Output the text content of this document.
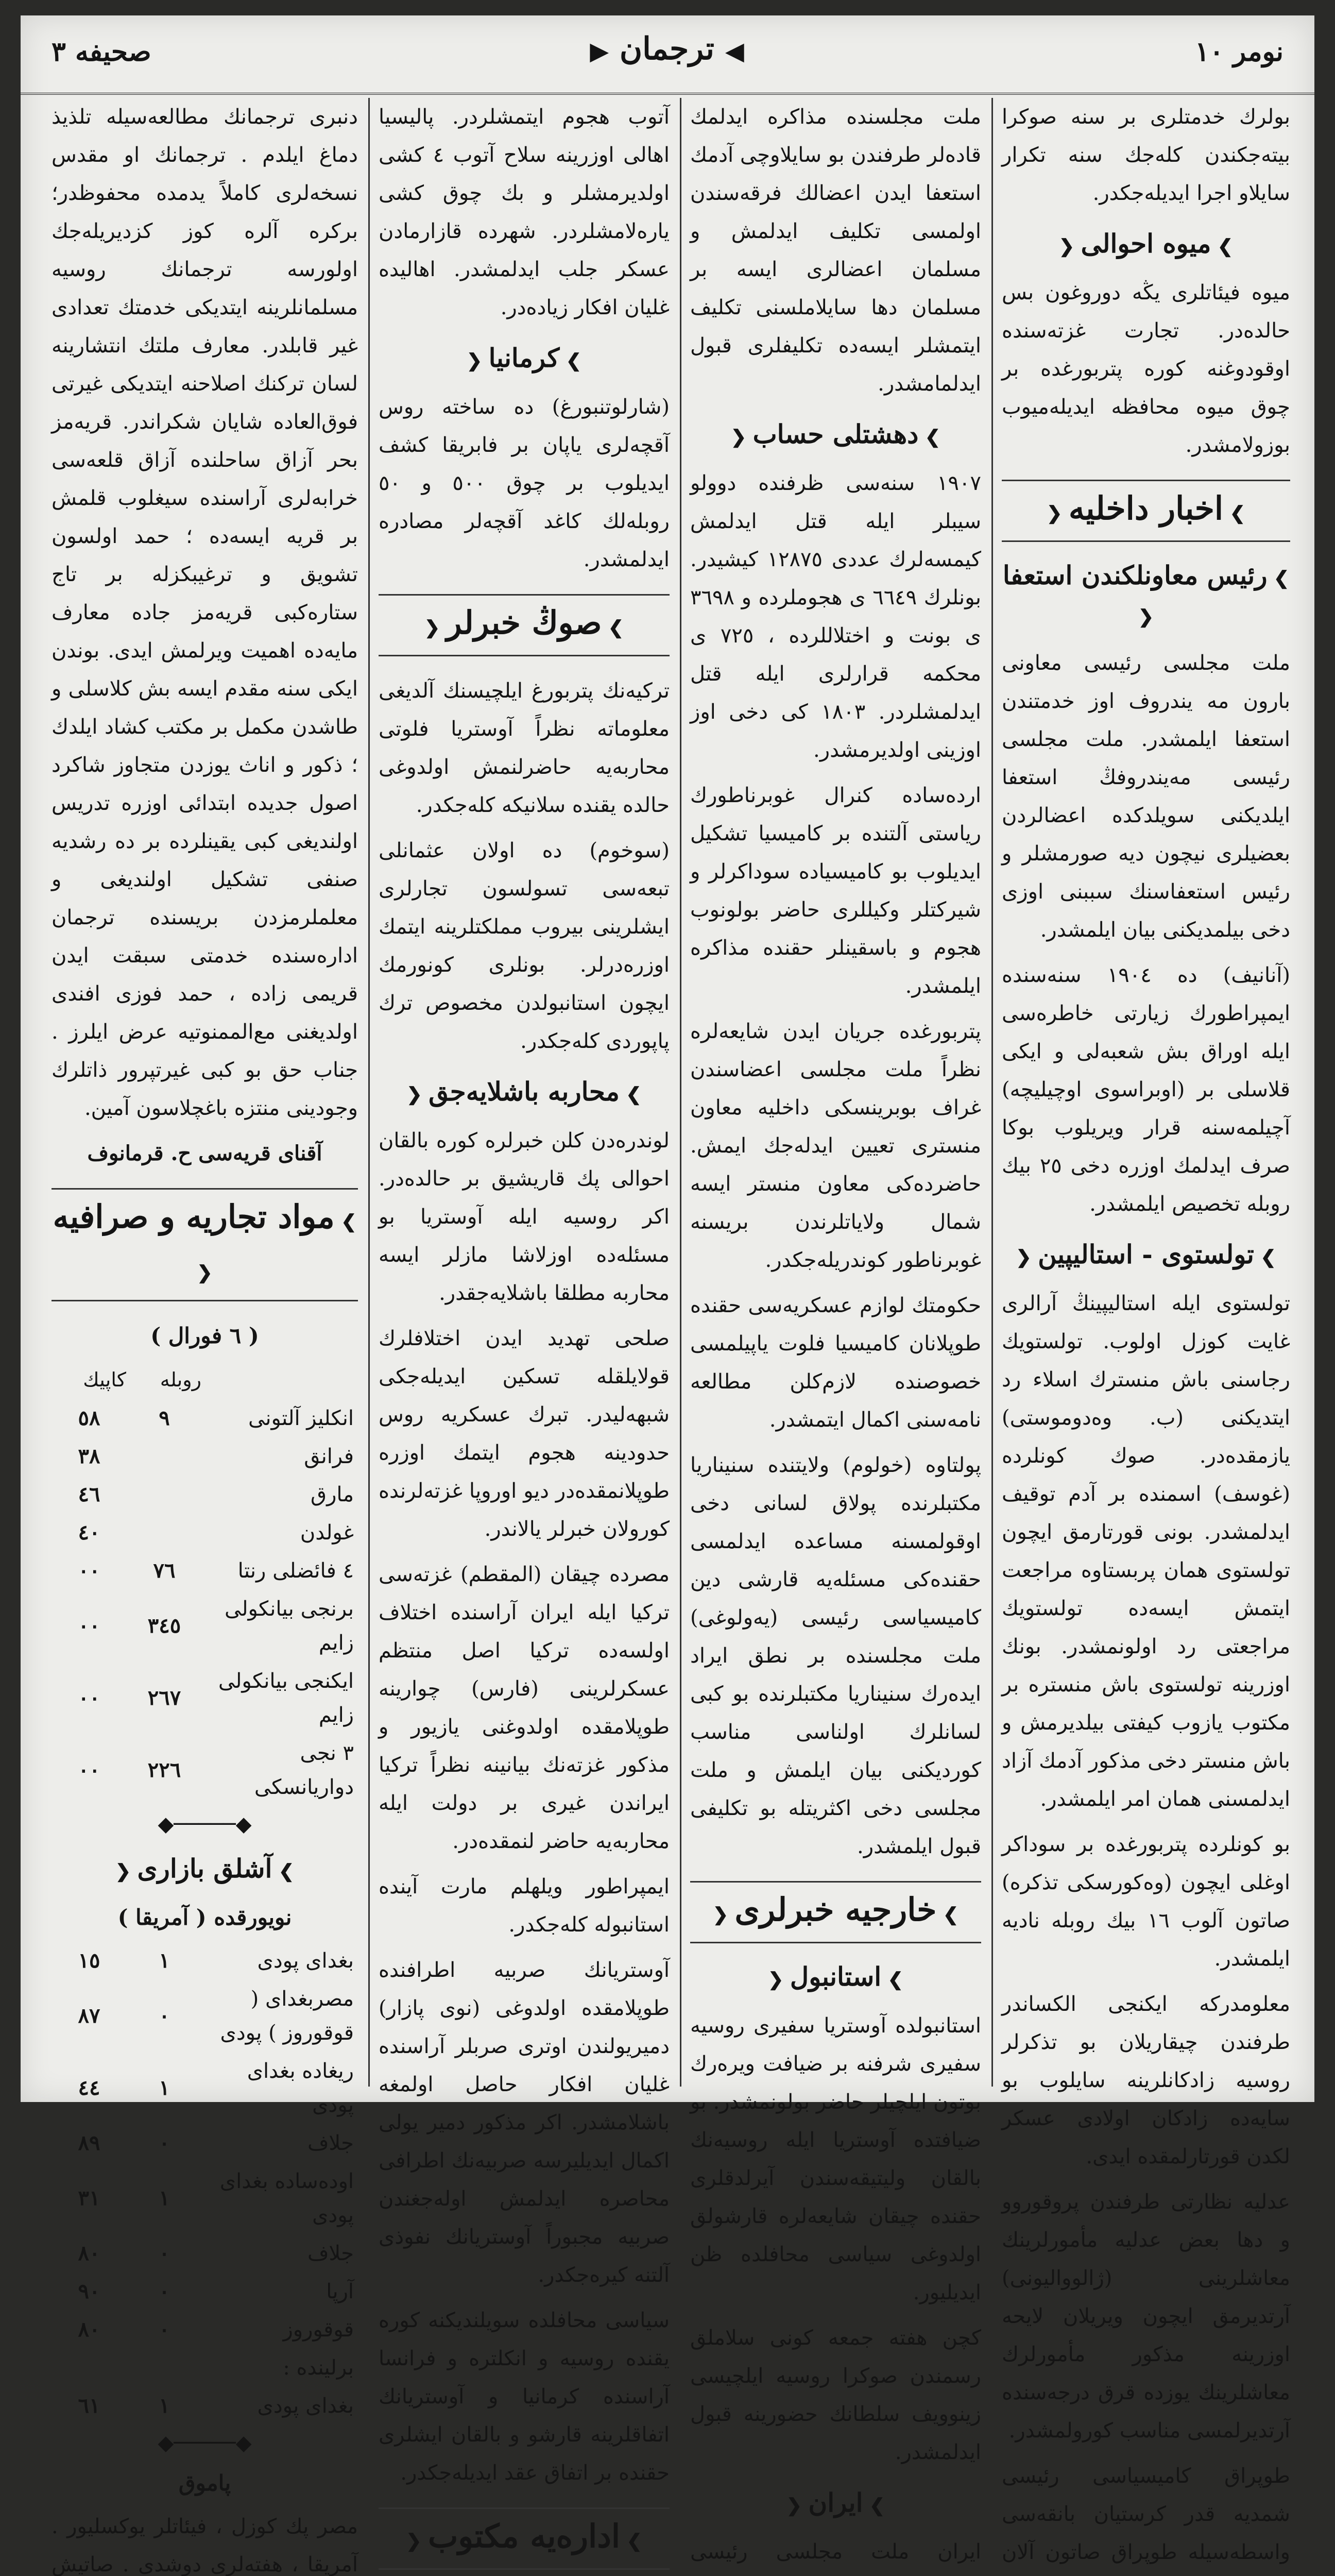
صحيفه ٣	◀ ترجمان ▶	نومر ١٠

بولرك خدمتلری بر سنه صوكرا بيتەجكندن كلەجك سنه تكرار سايلاو اجرا ايديلەجكدر.

❯ ميوه احوالی ❮

ميوه فيئاتلری يڭه دوروغون بس حالدەدر. تجارت غزتەسندە اوقودوغنە كوره پتربورغدە بر چوق ميوه محافظه ايديلەميوب بوزولامشدر.

❯ اخبار داخليه ❮
❯ رئيس معاونلكندن استعفا ❮

ملت مجلسی رئيسی معاونی بارون مه يندروف اوز خدمتندن استعفا ايلمشدر. ملت مجلسی رئيسی مەيندروفڭ استعفا ايلديكنی سويلدكده اعضالردن بعضيلری نيچون ديه صورمشلر و رئيس استعفاسنك سببنی اوزی دخی بيلمديكنی بيان ايلمشدر.

(آنانيف) ده ١٩٠٤ سنەسندە ايمپراطورك زيارتی خاطرەسی ايله اوراق بش شعبه‌لی و ايكی قلاسلی بر (اوبراسوی‌ اوچيليچه) آچيلمەسنه قرار ويريلوب بوكا صرف ايدلمك اوزره دخی ٢٥ بيك روبله تخصيص ايلمشدر.

❯ تولستوی - استاليپين ❮

تولستوی ايله استاليپينڭ آرالری غايت كوزل اولوب. تولستويك رجاسنی باش منسترك اسلاء رد ايتديكنی (ب. وەدوموستی) يازمقدەدر. صوك كونلرده (غوسف) اسمنده بر آدم توقيف ايدلمشدر. بونی قورتارمق ايچون تولستوی همان پربستاوه مراجعت ايتمش ايسەده تولستويك مراجعتی رد اولونمشدر. بونك اوزرينه تولستوی باش منستره بر مكتوب يازوب كيفتی بيلديرمش و باش منستر دخی مذكور آدمك آزاد ايدلمسنی همان امر ايلمشدر.

بو كونلرده پتربورغده بر سوداكر اوغلی ايچون (وەكورسكی تذكره) صاتون آلوب ١٦ بيك روبله ناديه ايلمشدر.

معلومدركه ايكنجی الكساندر طرفندن چيقاريلان بو تذكرلر روسيه زادكانلرينه سايلوب بو سايەده زادكان اولادی عسكر لكدن قورتارلمقده ايدی.

عدليه نظارتی طرفندن پروقوروو و دها بعض عدليه مأمورلرينك معاشلرينی (ژالوواليونی) آرتديرمق ايچون ويريلان لايحه اوزرينه مذكور مأمورلرك معاشلرينك يوزده قرق درجەسندە آرتديرلمسی مناسب كورولمشدر.

طوپراق كاميسياسی رئيسی شمديه قدر كرستيان بانقەسی واسطەسيله طوپراق صاتون آلان

ملت مجلسنده مذاكره ايدلمك قادەلر طرفندن بو سايلاوچی آدمك استعفا ايدن اعضالك فرقەسندن اولمسی تكليف ايدلمش و مسلمان اعضالری ايسه بر مسلمان دها سايلاملسنی تكليف ايتمشلر ايسەده تكليفلری قبول ايدلمامشدر.

❯ دهشتلی حساب ❮

١٩٠٧ سنەسی ظرفنده دوولو سيبلر ايله قتل ايدلمش كيمسه‌لرك عددی ١٢٨٧٥ كيشيدر. بونلرك ٦٦٤٩ ی هجوملرده و ٣٦٩٨ ی بونت و اختلاللرده ، ٧٢٥ ی محكمه قرارلری ايله قتل ايدلمشلردر. ١٨٠٣ كی دخی اوز اوزينی اولديرمشدر.

اردەساده كنرال غوبرناطورك رياستی آلتنده بر كاميسيا تشكيل ايديلوب بو كاميسياده سوداكرلر و شيركتلر وكيللری حاضر بولونوب هجوم و باسقينلر حقنده مذاكره ايلمشدر.

پتربورغده جريان ايدن شايعەلره نظراً ملت مجلسی اعضاسندن غراف بوبرينسكی داخليه معاون منسترى تعيين ايدلەجك ايمش. حاضرده‌كی معاون منستر ايسه شمال ولاياتلرندن بريسنه غوبرناطور كوندريلەجكدر.

حكومتك لوازم عسكريەسی حقنده طوپلانان كاميسيا فلوت ياپيلمسی خصوصنده لازم‌كلن مطالعه نامەسنی اكمال ايتمشدر.

پولتاوه (خولوم) ولايتنده سنيناريا مكتبلرنده پولاق لسانی دخی اوقولمسنه مساعده ايدلمسی حقنده‌كی مسئلەيه قارشی دين كاميسياسی رئيسی (يەولوغی) ملت مجلسنده بر نطق ايراد ايدەرك سنيناريا مكتبلرنده بو كبی لسانلرك اولناسی مناسب كورديكنی بيان ايلمش و ملت مجلسی دخی اكثريتله بو تكليفی قبول ايلمشدر.

❯ خارجيه خبرلری ❮
❯ استانبول ❮

استانبولده آوستريا سفيری روسيه سفيری شرفنه بر ضيافت ويرەرك بوتون ايلچيلر حاضر بولونمشدر. بو ضيافتده آوستريا ايله روسيەنك بالقان وليتيقەسندن آيرلدقلری حقنده چيقان شايعەلره قارشو‌لق اولدوغی سياسی محافلده ظن ايديليور.

كچن هفته جمعه كونی سلاملق رسمندن صوكرا روسيه ايلچيسی زينوويف سلطانك حضورينه قبول ايدلمشدر.

❯ ايران ❮

ايران ملت مجلسی رئيسی

آتوب هجوم ايتمشلردر. پاليسيا اهالی اوزرينه سلاح آتوب ٤ كشی اولديرمشلر و بك چوق كشی ياره‌لامشلردر. شهرده قازارمادن عسكر جلب ايدلمشدر. اهاليده غليان افكار زياده‌در.

❯ كرمانيا ❮

(شارلوتنبورغ) ده ساخته روس آقچه‌لری ياپان بر فابريقا كشف ايديلوب بر چوق ٥٠٠ و ٥٠ روبله‌لك كاغد آقچه‌لر مصادره ايدلمشدر.

❯ صوڭ خبرلر ❮

تركيەنك پتربورغ ايلچيسنك آلديغی معلوماته نظراً آوستريا فلوتی محاربه‌يه حاضرلنمش اولدوغی حالده يقنده سلانيكه كله‌جكدر.

(سوخوم) ده اولان عثمانلی تبعەسی تسولسون تجارلری ايشلرينی بيروب مملكتلرينه ايتمك اوزره‌درلر. بونلری كونورمك ايچون استانبولدن مخصوص ترك پاپوردی كله‌جكدر.

❯ محاربه باشلايەجق ❮

لوندره‌دن كلن خبرلره كوره بالقان احوالی پك قاريشيق بر حالده‌در. اكر روسيه ايله آوستريا بو مسئلەده اوزلاشا مازلر ايسه محاربه مطلقا باشلايەجقدر.

صلحی تهديد ايدن اختلافلرك قولايلقله تسكين ايديلەجكی شبهه‌لیدر. تبرك عسكريه روس حدودينه هجوم ايتمك اوزره طوپلانمقده‌در ديو اوروپا غزته‌لرنده كورولان خبرلر يالاندر.

مصرده چيقان (المقطم) غزتەسی تركيا ايله ايران آراسنده اختلاف اولسه‌ده تركيا اصل منتظم عسكرلرينی (فارس) چوارينه طوپلامقده اولدوغنی يازيور و مذكور غزتەنك بيانينه نظراً تركيا ايراندن غيری بر دولت ايله محاربه‌يه حاضر لنمقده‌در.

ايمپراطور ويلهلم مارت آينده استانبوله كله‌جكدر.

آوستريانك صربيه اطرافنده طوپلامقده اولدوغی (نوی پازار) دميريولندن اوتری صربلر آراسنده غليان افكار حاصل اولمغه باشلامشدر. اكر مذكور دمير يولی اكمال ايديليرسه صربيەنك اطرافی محاصره ايدلمش اوله‌جغندن صربيه مجبوراً آوستريانك نفوذی آلتنه كيره‌جكدر.

سياسی محافلده سويلنديكنه كوره يقنده روسيه و انكلتره و فرانسا آراسنده كرمانيا و آوستريانك اتفاقلرينه قارشو و بالقان ايشلری حقنده بر اتفاق عقد ايديله‌جكدر.

❯ اداره‌يه مكتوب ❮

دنبری ترجمانك مطالعەسيله تلذيذ دماغ ايلدم . ترجمانك او مقدس نسخه‌لری كاملاً يدمده محفوظدر؛ بركره آلره كوز كزديريله‌جك اولورسه ترجمانك روسيه مسلمانلرينه ايتديكی خدمتك تعدادی غير قابلدر. معارف ملتك انتشارينه لسان تركنك اصلاحنه ايتديكی غيرتی فوق‌العاده شايان شكراندر. قريه‌مز بحر آزاق ساحلنده آزاق قلعه‌سی خرابه‌لری آراسنده سيغلوب قلمش بر قريه ايسه‌ده ؛ حمد اولسون تشويق و ترغيبكزله بر تاج ستاره‌كبی قريه‌مز جاده معارف مايه‌ده اهميت ويرلمش ايدی. بوندن ايكی سنه مقدم ايسه بش كلاسلی و طاشدن مكمل بر مكتب كشاد ايلدك ؛ ذكور و اناث يوزدن متجاوز شاكرد اصول جديده ابتدائی اوزره تدريس اولنديغی كبی يقينلرده بر ده رشديه صنفی تشكيل اولنديغی و معلملرمزدن بريسنده ترجمان اداره‌سنده خدمتی سبقت ايدن قريمی زاده ، حمد فوزی افندی اولديغنی مع‌الممنوتيه عرض ايلرز . جناب حق بو كبی غيرتپرور ذاتلرك وجودينی منتزه باغچلاسون آمين.

آقنای قريەسی ح. قرمانوف
❯ مواد تجاريه و صرافيه ❮
( ٦ فورال )
	روبله	كاپيك
انكليز آلتونی	٩	٥٨
فرانق		٣٨
مارق		٤٦
غولدن		٤٠
٤ فائضلی رنتا	٧٦	٠٠
برنجی بيانكولی زايم	٣٤٥	٠٠
ايكنجی بيانكولی زايم	٢٦٧	٠٠
٣ نجی دواريانسكی	٢٢٦	٠٠
◆─────◆
❯ آشلق بازاری ❮
نويورقده ( آمريقا )
بغدای پودی	١	١٥
مصربغدای ( قوقوروز ) پودی	٠	٨٧
ريغاده بغدای پودی	١	٤٤
جلاف	٠	٨٩
اوده‌ساده بغدای پودی	١	٣١
جلاف	٠	٨٠
آرپا	٠	٩٠
قوقوروز	٠	٨٠
برلينده :		
بغدای پودی	١	٦١
◆─────◆
پاموق

مصر پك كوزل ، فيئاتلر يوكسليور . آمريقا ، هفته‌لری دوشدی . صاتيش
